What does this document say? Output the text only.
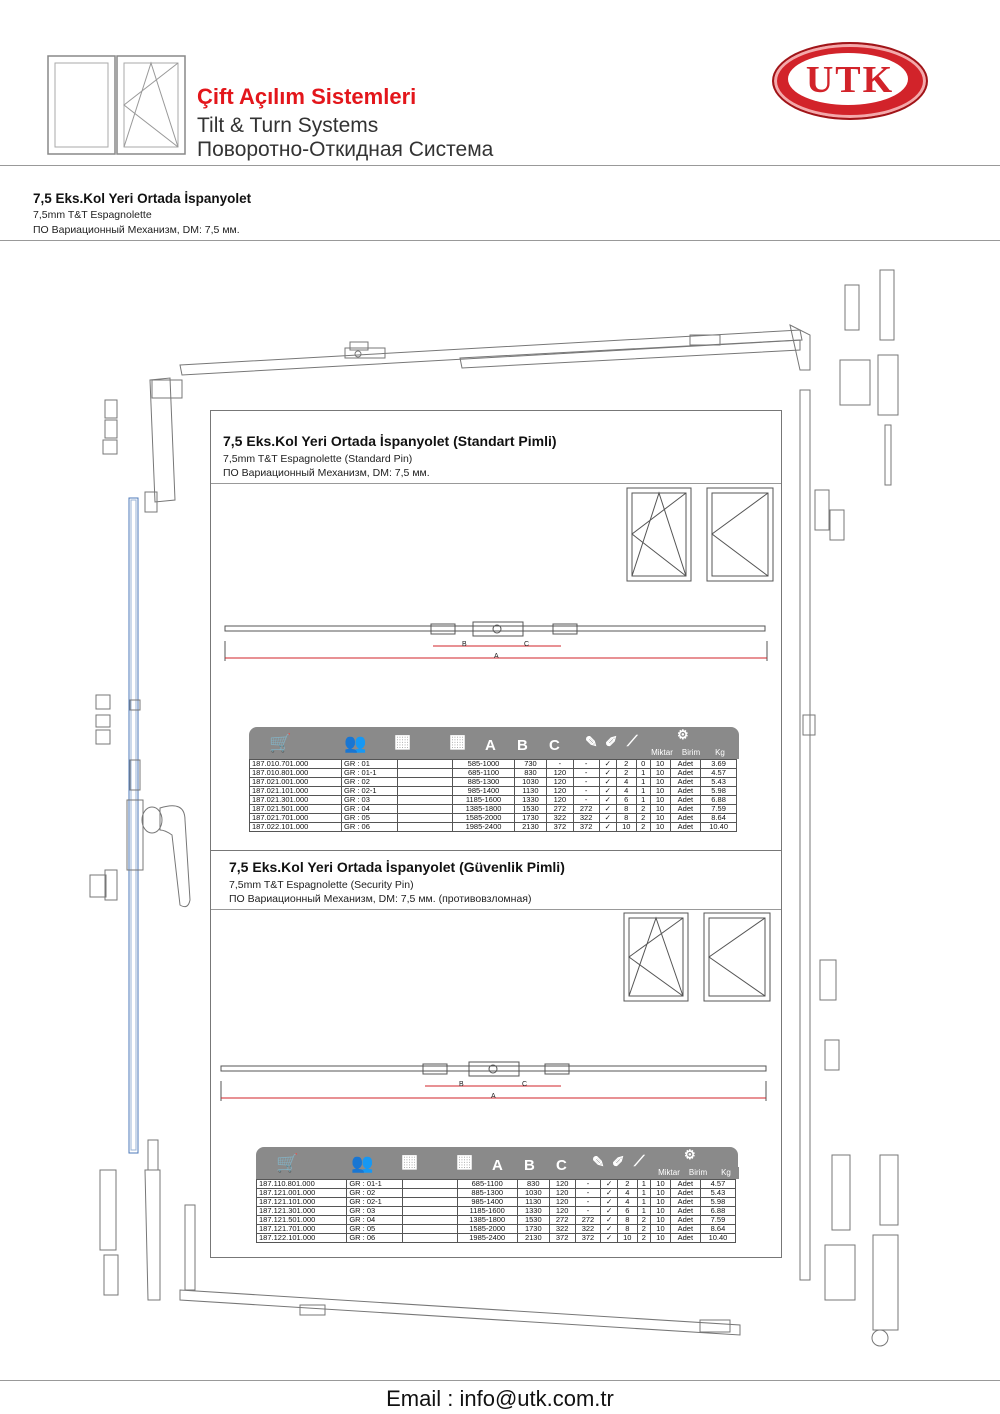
Çift Açılım Sistemleri
Tilt & Turn Systems
Поворотно-Откидная Система
UTK
7,5 Eks.Kol Yeri Ortada İspanyolet
7,5mm T&T Espagnolette
ПО Вариационный Механизм, DM: 7,5 мм.
7,5 Eks.Kol Yeri Ortada İspanyolet (Standart Pimli)
7,5mm T&T Espagnolette (Standard Pin)
ПО Вариационный Механизм, DM: 7,5 мм.
B	C
A
🛒	👥 ▦ ▦ A B C ✎ ✐ ⟋	⚙
Miktar	Birim	Kg
187.010.701.000	GR : 01		585-1000	730	-	-	✓	2	0	10	Adet	3.69
187.010.801.000	GR : 01-1		685-1100	830	120	-	✓	2	1	10	Adet	4.57
187.021.001.000	GR : 02		885-1300	1030	120	-	✓	4	1	10	Adet	5.43
187.021.101.000	GR : 02-1		985-1400	1130	120	-	✓	4	1	10	Adet	5.98
187.021.301.000	GR : 03		1185-1600	1330	120	-	✓	6	1	10	Adet	6.88
187.021.501.000	GR : 04		1385-1800	1530	272	272	✓	8	2	10	Adet	7.59
187.021.701.000	GR : 05		1585-2000	1730	322	322	✓	8	2	10	Adet	8.64
187.022.101.000	GR : 06		1985-2400	2130	372	372	✓	10	2	10	Adet	10.40
7,5 Eks.Kol Yeri Ortada İspanyolet (Güvenlik Pimli)
7,5mm T&T Espagnolette (Security Pin)
ПО Вариационный Механизм, DM: 7,5 мм. (противовзломная)
B	C
A
🛒	👥 ▦ ▦ A B C ✎ ✐ ⟋	⚙
Miktar	Birim	Kg
187.110.801.000	GR : 01-1		685-1100	830	120	-	✓	2	1	10	Adet	4.57
187.121.001.000	GR : 02		885-1300	1030	120	-	✓	4	1	10	Adet	5.43
187.121.101.000	GR : 02-1		985-1400	1130	120	-	✓	4	1	10	Adet	5.98
187.121.301.000	GR : 03		1185-1600	1330	120	-	✓	6	1	10	Adet	6.88
187.121.501.000	GR : 04		1385-1800	1530	272	272	✓	8	2	10	Adet	7.59
187.121.701.000	GR : 05		1585-2000	1730	322	322	✓	8	2	10	Adet	8.64
187.122.101.000	GR : 06		1985-2400	2130	372	372	✓	10	2	10	Adet	10.40
Email : info@utk.com.tr
